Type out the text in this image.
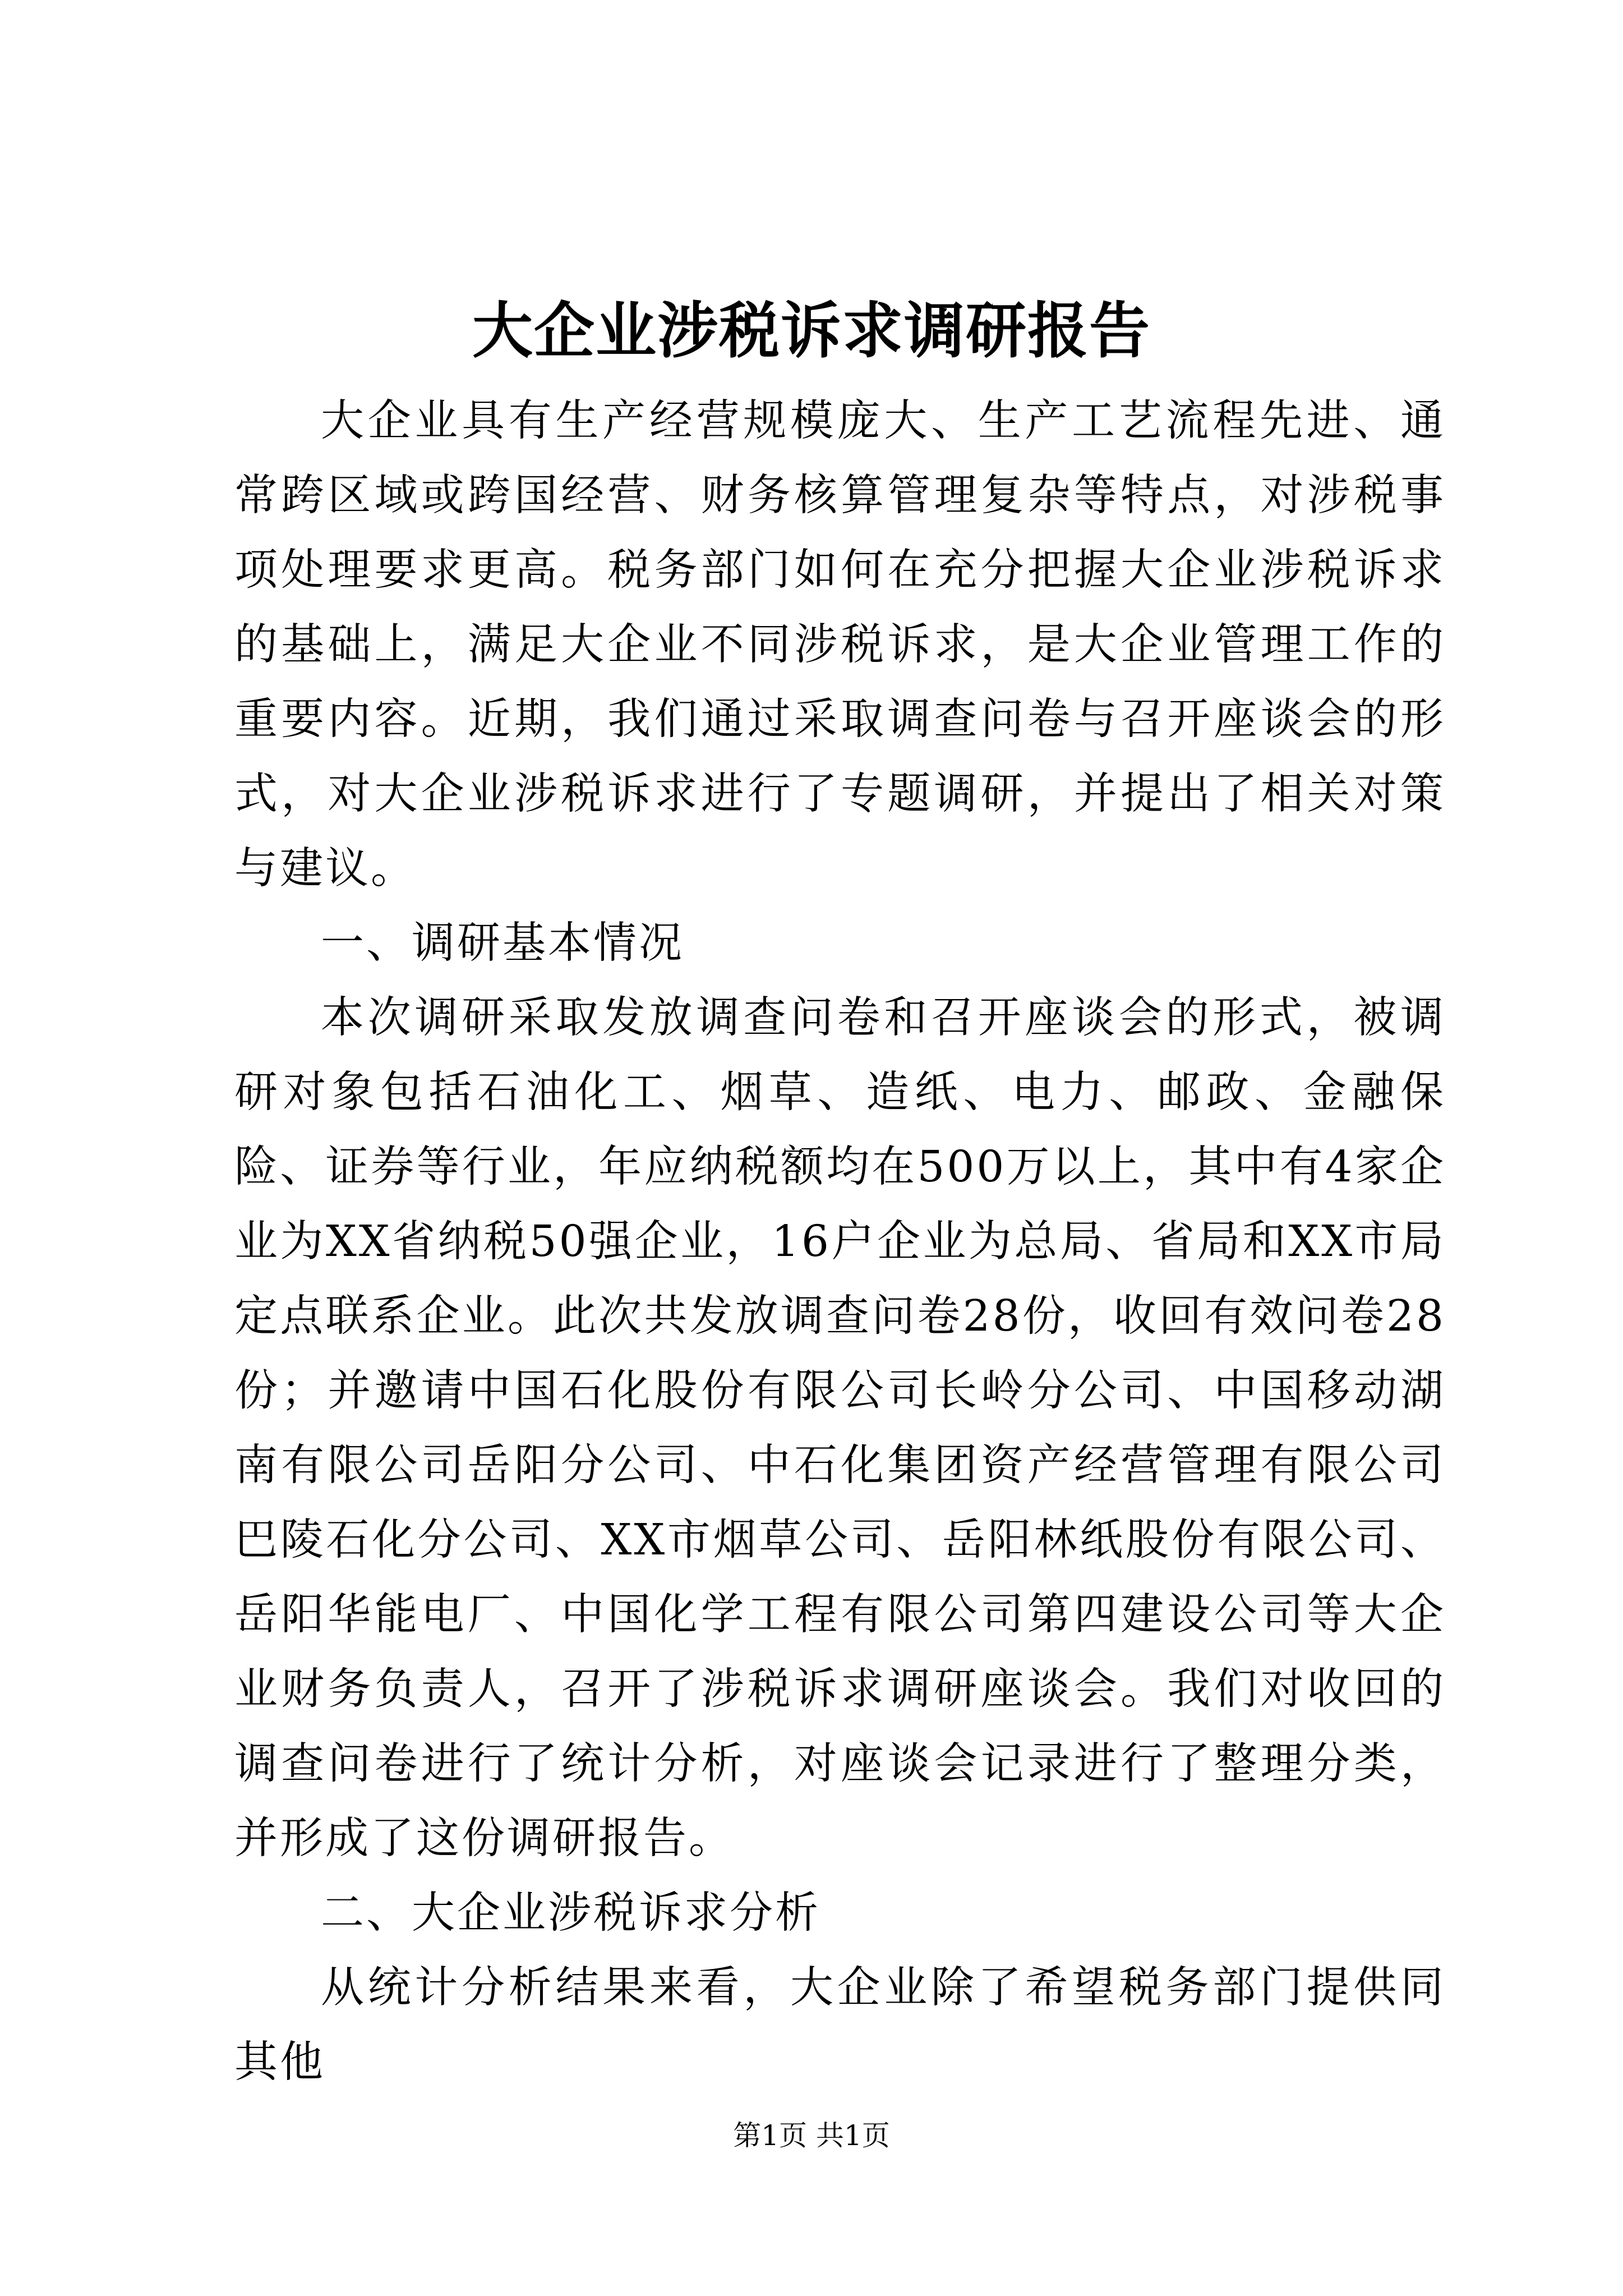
大企业涉税诉求调研报告

大企业具有生产经营规模庞大、生产工艺流程先进、通常跨区域或跨国经营、财务核算管理复杂等特点，对涉税事项处理要求更高。税务部门如何在充分把握大企业涉税诉求的基础上，满足大企业不同涉税诉求，是大企业管理工作的重要内容。近期，我们通过采取调查问卷与召开座谈会的形式，对大企业涉税诉求进行了专题调研，并提出了相关对策与建议。

一、调研基本情况

本次调研采取发放调查问卷和召开座谈会的形式，被调研对象包括石油化工、烟草、造纸、电力、邮政、金融保险、证券等行业，年应纳税额均在500万以上，其中有4家企业为XX省纳税50强企业，16户企业为总局、省局和XX市局定点联系企业。此次共发放调查问卷28份，收回有效问卷28份；并邀请中国石化股份有限公司长岭分公司、中国移动湖南有限公司岳阳分公司、中石化集团资产经营管理有限公司巴陵石化分公司、XX市烟草公司、岳阳林纸股份有限公司、岳阳华能电厂、中国化学工程有限公司第四建设公司等大企业财务负责人，召开了涉税诉求调研座谈会。我们对收回的调查问卷进行了统计分析，对座谈会记录进行了整理分类，并形成了这份调研报告。

二、大企业涉税诉求分析

从统计分析结果来看，大企业除了希望税务部门提供同其他

第1页 共1页
